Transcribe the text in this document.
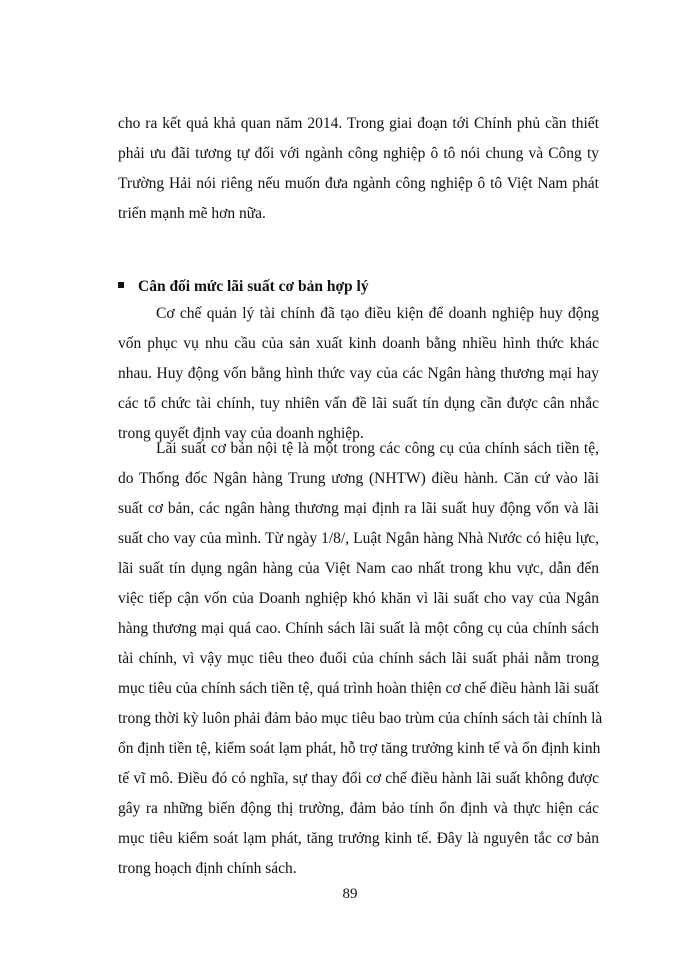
cho ra kết quả khả quan năm 2014. Trong giai đoạn tới Chính phủ cần thiết
phải ưu đãi tương tự đối với ngành công nghiệp ô tô nói chung và Công ty
Trường Hải nói riêng nếu muốn đưa ngành công nghiệp ô tô Việt Nam phát
triển mạnh mẽ hơn nữa.

Cân đối mức lãi suất cơ bản hợp lý

Cơ chế quản lý tài chính đã tạo điều kiện để doanh nghiệp huy động
vốn phục vụ nhu cầu của sản xuất kinh doanh bằng nhiều hình thức khác
nhau. Huy động vốn bằng hình thức vay của các Ngân hàng thương mại hay
các tổ chức tài chính, tuy nhiên vấn đề lãi suất tín dụng cần được cân nhắc
trong quyết định vay của doanh nghiệp.

Lãi suất cơ bản nội tệ là một trong các công cụ của chính sách tiền tệ,
do Thống đốc Ngân hàng Trung ương (NHTW) điều hành. Căn cứ vào lãi
suất cơ bản, các ngân hàng thương mại định ra lãi suất huy động vốn và lãi
suất cho vay của mình. Từ ngày 1/8/, Luật Ngân hàng Nhà Nước có hiệu lực,
lãi suất tín dụng ngân hàng của Việt Nam cao nhất trong khu vực, dẫn đến
việc tiếp cận vốn của Doanh nghiệp khó khăn vì lãi suất cho vay của Ngân
hàng thương mại quá cao. Chính sách lãi suất là một công cụ của chính sách
tài chính, vì vậy mục tiêu theo đuổi của chính sách lãi suất phải nằm trong
mục tiêu của chính sách tiền tệ, quá trình hoàn thiện cơ chế điều hành lãi suất
trong thời kỳ luôn phải đảm bảo mục tiêu bao trùm của chính sách tài chính là
ổn định tiền tệ, kiểm soát lạm phát, hỗ trợ tăng trưởng kinh tế và ổn định kinh
tế vĩ mô. Điều đó có nghĩa, sự thay đổi cơ chế điều hành lãi suất không được
gây ra những biến động thị trường, đảm bảo tính ổn định và thực hiện các
mục tiêu kiểm soát lạm phát, tăng trưởng kinh tế. Đây là nguyên tắc cơ bản
trong hoạch định chính sách.

89
